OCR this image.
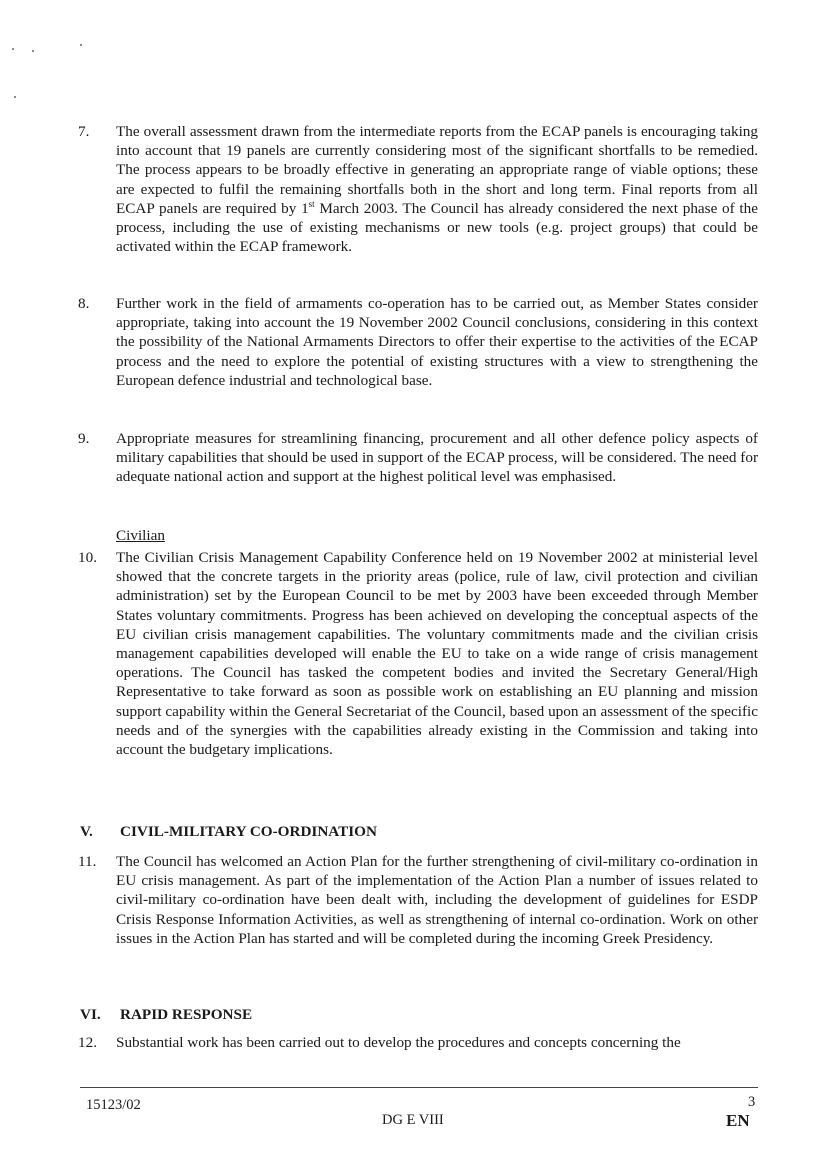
7.	The overall assessment drawn from the intermediate reports from the ECAP panels is encouraging taking into account that 19 panels are currently considering most of the significant shortfalls to be remedied. The process appears to be broadly effective in generating an appropriate range of viable options; these are expected to fulfil the remaining shortfalls both in the short and long term. Final reports from all ECAP panels are required by 1st March 2003. The Council has already considered the next phase of the process, including the use of existing mechanisms or new tools (e.g. project groups) that could be activated within the ECAP framework.
8.	Further work in the field of armaments co-operation has to be carried out, as Member States consider appropriate, taking into account the 19 November 2002 Council conclusions, considering in this context the possibility of the National Armaments Directors to offer their expertise to the activities of the ECAP process and the need to explore the potential of existing structures with a view to strengthening the European defence industrial and technological base.
9.	Appropriate measures for streamlining financing, procurement and all other defence policy aspects of military capabilities that should be used in support of the ECAP process, will be considered. The need for adequate national action and support at the highest political level was emphasised.
Civilian
10.	The Civilian Crisis Management Capability Conference held on 19 November 2002 at ministerial level showed that the concrete targets in the priority areas (police, rule of law, civil protection and civilian administration) set by the European Council to be met by 2003 have been exceeded through Member States voluntary commitments. Progress has been achieved on developing the conceptual aspects of the EU civilian crisis management capabilities. The voluntary commitments made and the civilian crisis management capabilities developed will enable the EU to take on a wide range of crisis management operations. The Council has tasked the competent bodies and invited the Secretary General/High Representative to take forward as soon as possible work on establishing an EU planning and mission support capability within the General Secretariat of the Council, based upon an assessment of the specific needs and of the synergies with the capabilities already existing in the Commission and taking into account the budgetary implications.
V. CIVIL-MILITARY CO-ORDINATION
11.	The Council has welcomed an Action Plan for the further strengthening of civil-military co-ordination in EU crisis management. As part of the implementation of the Action Plan a number of issues related to civil-military co-ordination have been dealt with, including the development of guidelines for ESDP Crisis Response Information Activities, as well as strengthening of internal co-ordination. Work on other issues in the Action Plan has started and will be completed during the incoming Greek Presidency.
VI. RAPID RESPONSE
12.	Substantial work has been carried out to develop the procedures and concepts concerning the
15123/02	3
DG E VIII	EN
